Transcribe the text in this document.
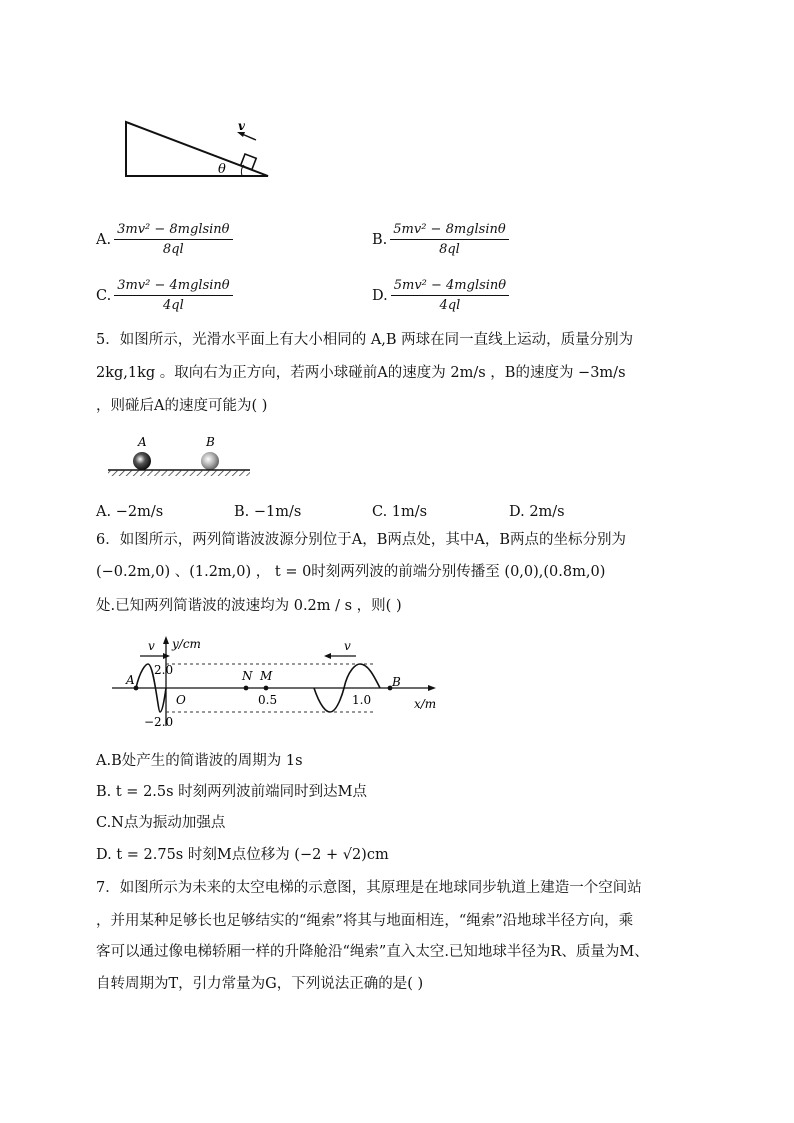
v
θ
A. $\frac{\text{3mv² − 8mglsinθ}}{8ql}$	B. $\frac{\text{5mv² − 8mglsinθ}}{8ql}$
C. $\frac{\text{3mv² − 4mglsinθ}}{4ql}$	D. $\frac{\text{5mv² − 4mglsinθ}}{4ql}$
5．如图所示，光滑水平面上有大小相同的 A,B 两球在同一直线上运动，质量分别为
2kg,1kg 。取向右为正方向，若两小球碰前A的速度为 2m/s ，B的速度为 −3m/s
，则碰后A的速度可能为( )
A	B
A. −2m/s	B. −1m/s	C. 1m/s	D. 2m/s
6．如图所示，两列简谐波波源分别位于A，B两点处，其中A，B两点的坐标分别为
(−0.2m,0) 、(1.2m,0) ， t = 0时刻两列波的前端分别传播至 (0,0),(0.8m,0)
处.已知两列简谐波的波速均为 0.2m / s ，则( )
y/cm
x/m
A	B
N M
O	0.5	1.0
2.0
−2.0
v	v
A.B处产生的简谐波的周期为 1s
B. t = 2.5s 时刻两列波前端同时到达M点
C.N点为振动加强点
D. t = 2.75s 时刻M点位移为 (−2 + √2)cm
7．如图所示为未来的太空电梯的示意图，其原理是在地球同步轨道上建造一个空间站
，并用某种足够长也足够结实的“绳索”将其与地面相连，“绳索”沿地球半径方向，乘
客可以通过像电梯轿厢一样的升降舱沿“绳索”直入太空.已知地球半径为R、质量为M、
自转周期为T，引力常量为G，下列说法正确的是( )
